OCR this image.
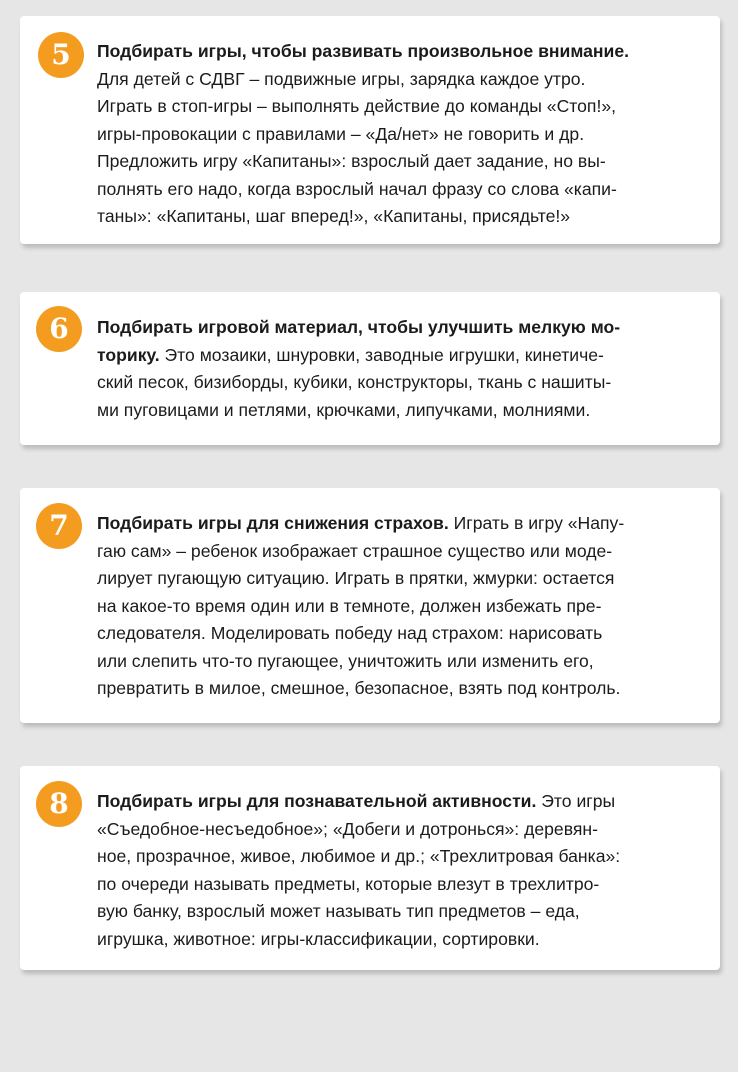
5	Подбирать игры, чтобы развивать произвольное внимание.
Для детей с СДВГ – подвижные игры, зарядка каждое утро.
Играть в стоп-игры – выполнять действие до команды «Стоп!»,
игры-провокации с правилами – «Да/нет» не говорить и др.
Предложить игру «Капитаны»: взрослый дает задание, но вы-
полнять его надо, когда взрослый начал фразу со слова «капи-
таны»: «Капитаны, шаг вперед!», «Капитаны, присядьте!»

6	Подбирать игровой материал, чтобы улучшить мелкую мо-
торику. Это мозаики, шнуровки, заводные игрушки, кинетиче-
ский песок, бизиборды, кубики, конструкторы, ткань с нашиты-
ми пуговицами и петлями, крючками, липучками, молниями.

7	Подбирать игры для снижения страхов. Играть в игру «Напу-
гаю сам» – ребенок изображает страшное существо или моде-
лирует пугающую ситуацию. Играть в прятки, жмурки: остается
на какое-то время один или в темноте, должен избежать пре-
следователя. Моделировать победу над страхом: нарисовать
или слепить что-то пугающее, уничтожить или изменить его,
превратить в милое, смешное, безопасное, взять под контроль.

8	Подбирать игры для познавательной активности. Это игры
«Съедобное-несъедобное»; «Добеги и дотронься»: деревян-
ное, прозрачное, живое, любимое и др.; «Трехлитровая банка»:
по очереди называть предметы, которые влезут в трехлитро-
вую банку, взрослый может называть тип предметов – еда,
игрушка, животное: игры-классификации, сортировки.
